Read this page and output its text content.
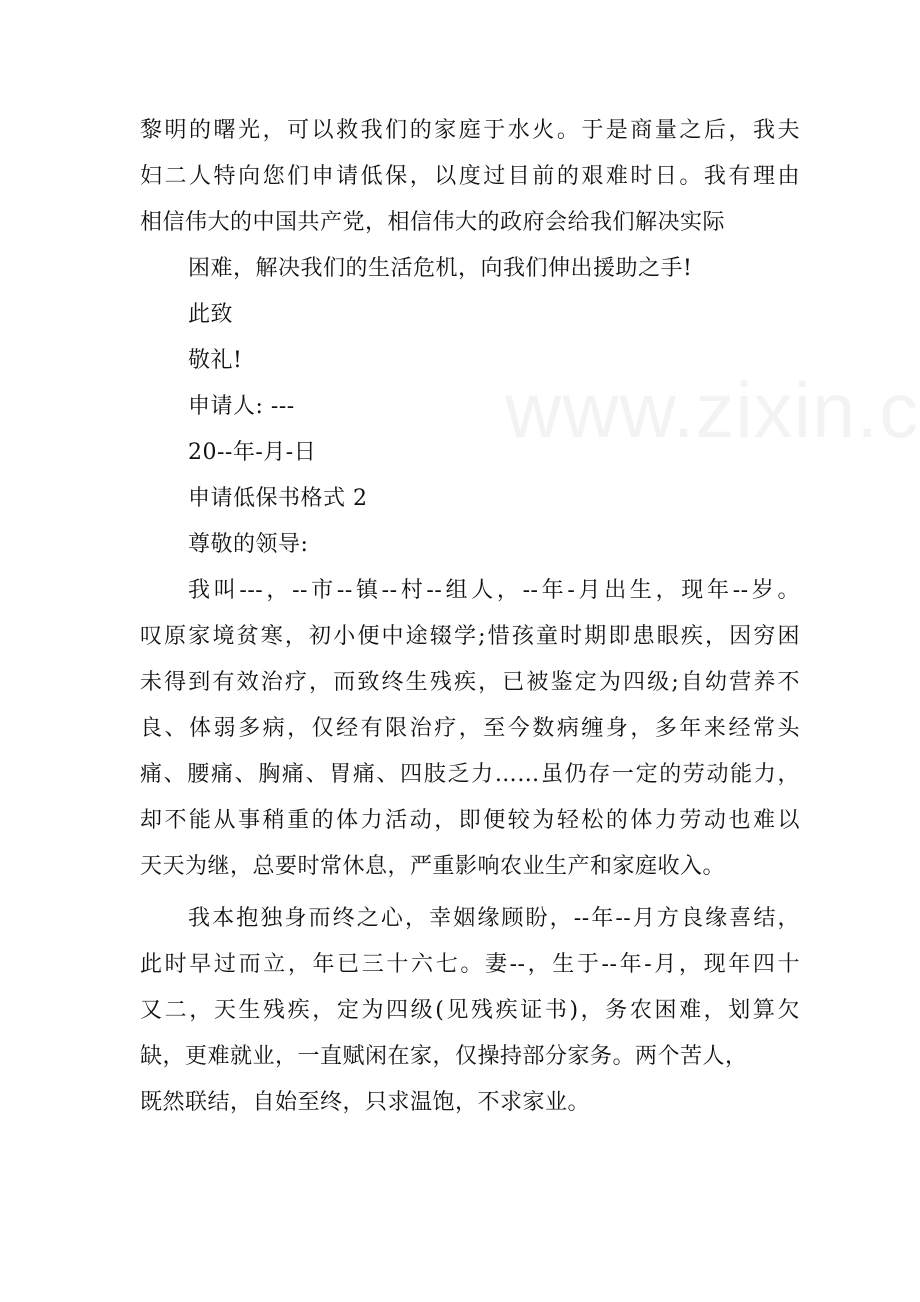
黎明的曙光，可以救我们的家庭于水火。于是商量之后，我夫
妇二人特向您们申请低保，以度过目前的艰难时日。我有理由
相信伟大的中国共产党，相信伟大的政府会给我们解决实际
困难，解决我们的生活危机，向我们伸出援助之手!
此致
敬礼!
申请人: ---
20--年-月-日
申请低保书格式 2
尊敬的领导:
我叫---，--市--镇--村--组人，--年-月出生，现年--岁。
叹原家境贫寒，初小便中途辍学;惜孩童时期即患眼疾，因穷困
未得到有效治疗，而致终生残疾，已被鉴定为四级;自幼营养不
良、体弱多病，仅经有限治疗，至今数病缠身，多年来经常头
痛、腰痛、胸痛、胃痛、四肢乏力……虽仍存一定的劳动能力，
却不能从事稍重的体力活动，即便较为轻松的体力劳动也难以
天天为继，总要时常休息，严重影响农业生产和家庭收入。
我本抱独身而终之心，幸姻缘顾盼，--年--月方良缘喜结，
此时早过而立，年已三十六七。妻--，生于--年-月，现年四十
又二，天生残疾，定为四级(见残疾证书)，务农困难，划算欠
缺，更难就业，一直赋闲在家，仅操持部分家务。两个苦人，
既然联结，自始至终，只求温饱，不求家业。
